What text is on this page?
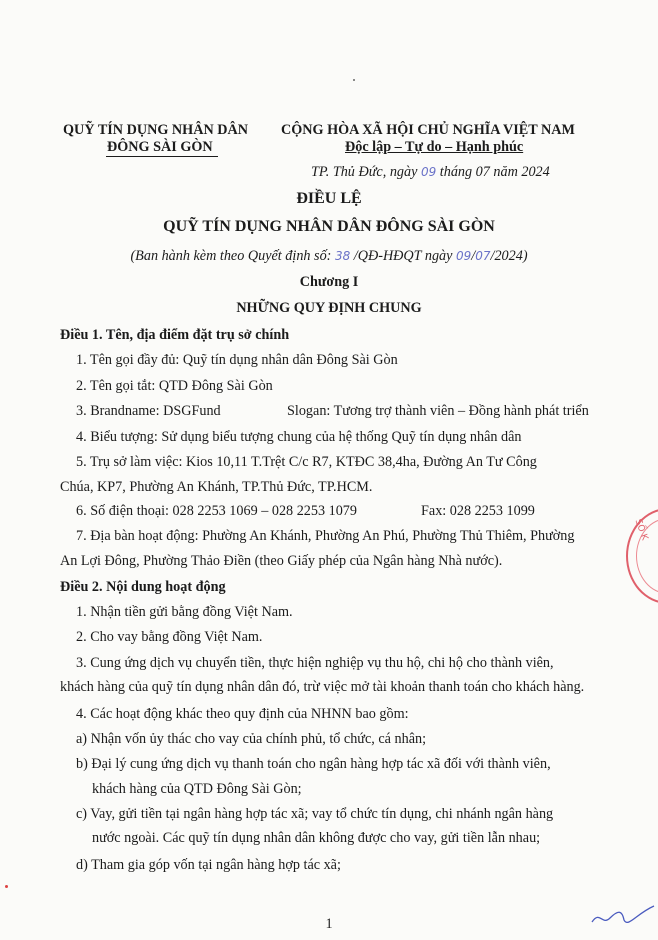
QUỸ TÍN DỤNG NHÂN DÂN
ĐÔNG SÀI GÒN
CỘNG HÒA XÃ HỘI CHỦ NGHĨA VIỆT NAM
Độc lập – Tự do – Hạnh phúc
TP. Thủ Đức, ngày 09 tháng 07 năm 2024
ĐIỀU LỆ
QUỸ TÍN DỤNG NHÂN DÂN ĐÔNG SÀI GÒN
(Ban hành kèm theo Quyết định số: 38 /QĐ-HĐQT ngày 09/07/2024)
Chương I
NHỮNG QUY ĐỊNH CHUNG
Điều 1. Tên, địa điểm đặt trụ sở chính
1. Tên gọi đầy đủ: Quỹ tín dụng nhân dân Đông Sài Gòn
2. Tên gọi tắt: QTD Đông Sài Gòn
3. Brandname: DSGFund	Slogan: Tương trợ thành viên – Đồng hành phát triển
4. Biểu tượng: Sử dụng biểu tượng chung của hệ thống Quỹ tín dụng nhân dân
5. Trụ sở làm việc: Kios 10,11 T.Trệt C/c R7, KTĐC 38,4ha, Đường An Tư Công
Chúa, KP7, Phường An Khánh, TP.Thủ Đức, TP.HCM.
6. Số điện thoại: 028 2253 1069 – 028 2253 1079	Fax: 028 2253 1099
7. Địa bàn hoạt động: Phường An Khánh, Phường An Phú, Phường Thủ Thiêm, Phường
An Lợi Đông, Phường Thảo Điền (theo Giấy phép của Ngân hàng Nhà nước).
Điều 2. Nội dung hoạt động
1. Nhận tiền gửi bằng đồng Việt Nam.
2. Cho vay bằng đồng Việt Nam.
3. Cung ứng dịch vụ chuyển tiền, thực hiện nghiệp vụ thu hộ, chi hộ cho thành viên,
khách hàng của quỹ tín dụng nhân dân đó, trừ việc mở tài khoản thanh toán cho khách hàng.
4. Các hoạt động khác theo quy định của NHNN bao gồm:
a) Nhận vốn ủy thác cho vay của chính phủ, tổ chức, cá nhân;
b) Đại lý cung ứng dịch vụ thanh toán cho ngân hàng hợp tác xã đối với thành viên,
khách hàng của QTD Đông Sài Gòn;
c) Vay, gửi tiền tại ngân hàng hợp tác xã; vay tổ chức tín dụng, chi nhánh ngân hàng
nước ngoài. Các quỹ tín dụng nhân dân không được cho vay, gửi tiền lẫn nhau;
d) Tham gia góp vốn tại ngân hàng hợp tác xã;
1
SỐ K
